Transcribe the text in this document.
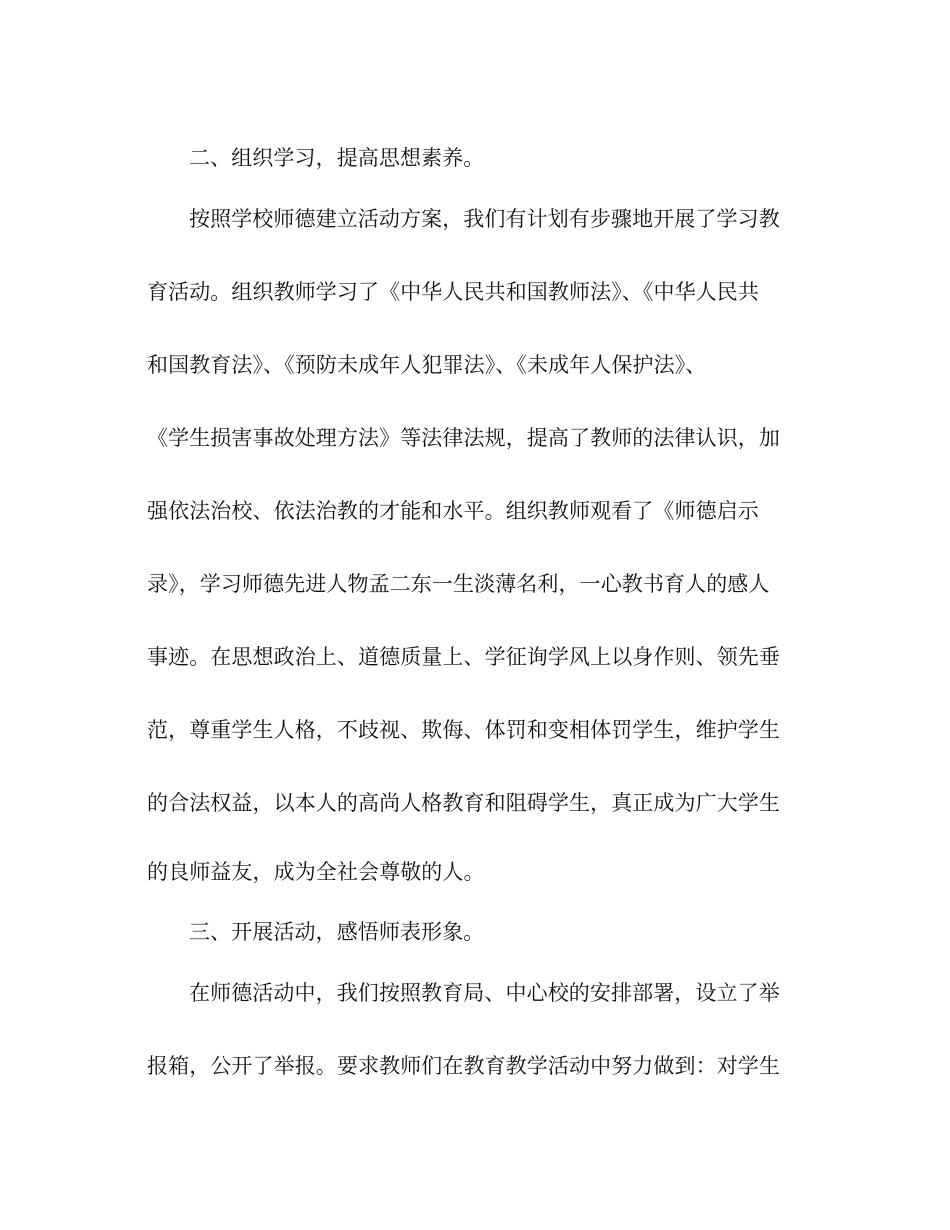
二、组织学习，提高思想素养。
按照学校师德建立活动方案，我们有计划有步骤地开展了学习教
育活动。组织教师学习了《中华人民共和国教师法》、《中华人民共
和国教育法》、《预防未成年人犯罪法》、《未成年人保护法》、
《学生损害事故处理方法》等法律法规，提高了教师的法律认识，加
强依法治校、依法治教的才能和水平。组织教师观看了《师德启示
录》，学习师德先进人物孟二东一生淡薄名利，一心教书育人的感人
事迹。在思想政治上、道德质量上、学征询学风上以身作则、领先垂
范，尊重学生人格，不歧视、欺侮、体罚和变相体罚学生，维护学生
的合法权益，以本人的高尚人格教育和阻碍学生，真正成为广大学生
的良师益友，成为全社会尊敬的人。
三、开展活动，感悟师表形象。
在师德活动中，我们按照教育局、中心校的安排部署，设立了举
报箱，公开了举报。要求教师们在教育教学活动中努力做到：对学生
